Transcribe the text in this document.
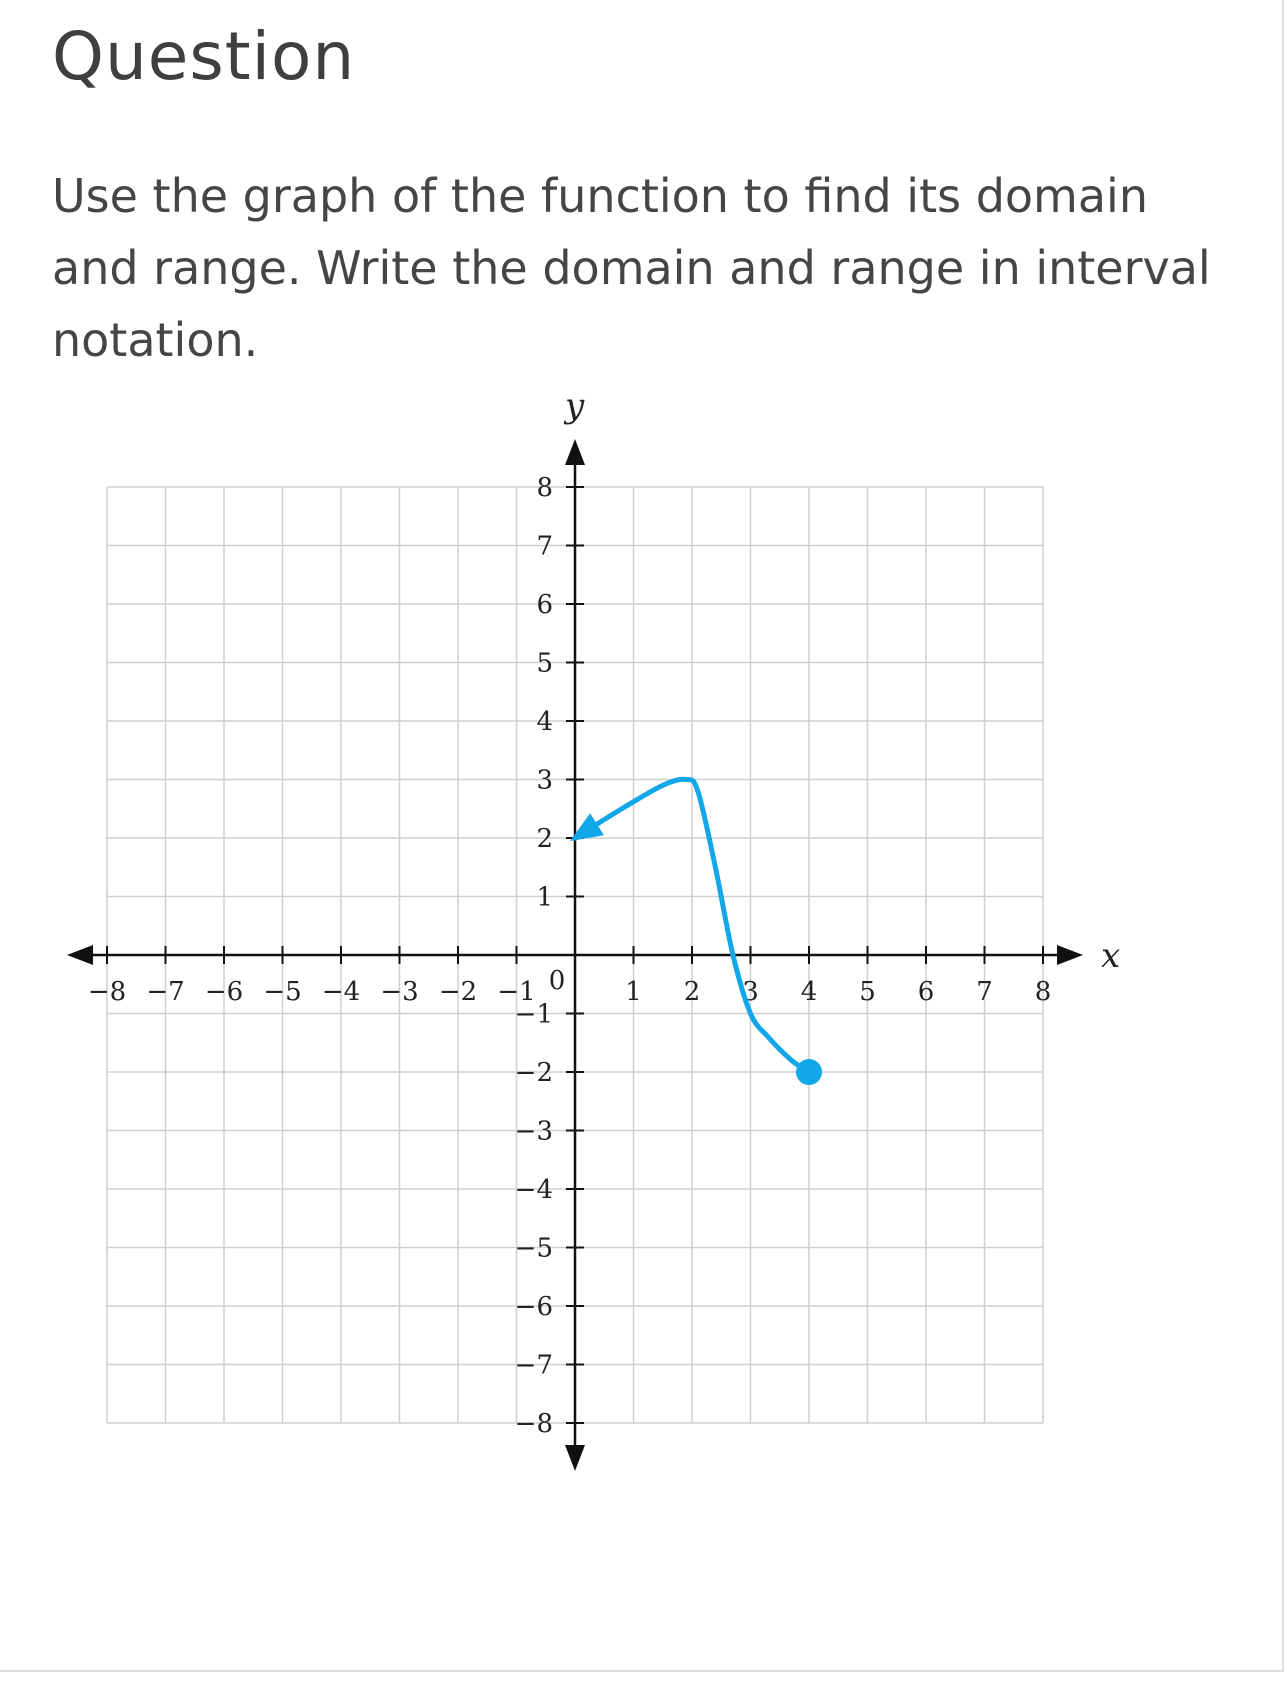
Question

Use the graph of the function to find its domain and range. Write the domain and range in interval notation.

x
y
−8 −7 −6 −5 −4 −3 −2 −1	1 2 3 4 5 6 7 8
−8
−7
−6
−5
−4
−3
−2
−1
1
2
3
4
5
6
7
8
0
